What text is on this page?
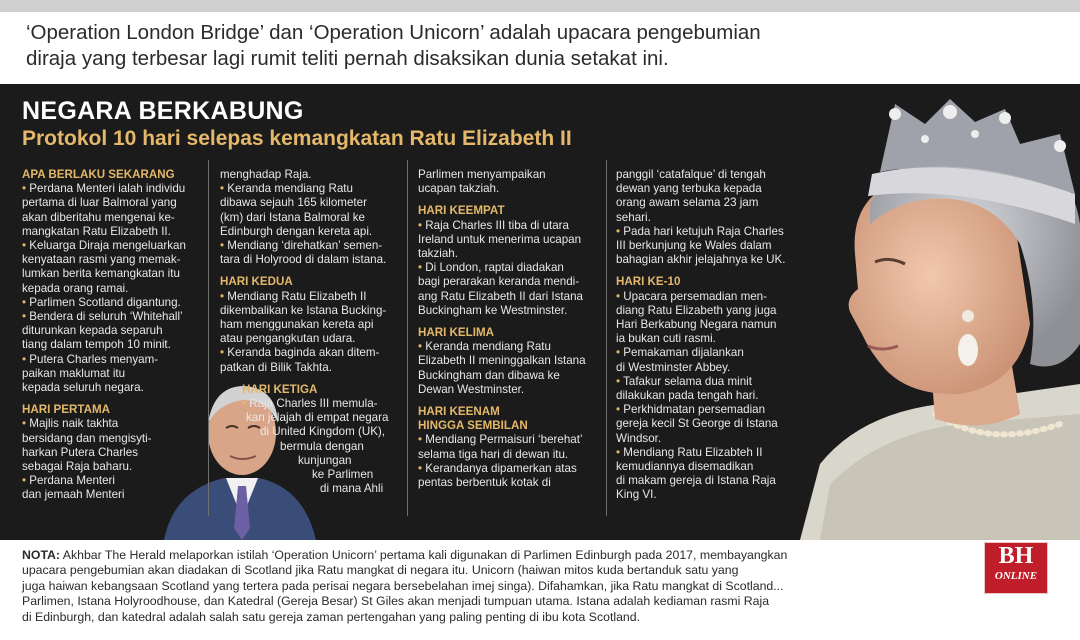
‘Operation London Bridge’ dan ‘Operation Unicorn’ adalah upacara pengebumian
diraja yang terbesar lagi rumit teliti pernah disaksikan dunia setakat ini.
NEGARA BERKABUNG
Protokol 10 hari selepas kemangkatan Ratu Elizabeth II
APA BERLAKU SEKARANG
• Perdana Menteri ialah individu
pertama di luar Balmoral yang
akan diberitahu mengenai ke-
mangkatan Ratu Elizabeth II.
• Keluarga Diraja mengeluarkan
kenyataan rasmi yang memak-
lumkan berita kemangkatan itu
kepada orang ramai.
• Parlimen Scotland digantung.
• Bendera di seluruh ‘Whitehall’
diturunkan kepada separuh
tiang dalam tempoh 10 minit.
• Putera Charles menyam-
paikan maklumat itu
kepada seluruh negara.
HARI PERTAMA
• Majlis naik takhta
bersidang dan mengisyti-
harkan Putera Charles
sebagai Raja baharu.
• Perdana Menteri
dan jemaah Menteri
menghadap Raja.
• Keranda mendiang Ratu
dibawa sejauh 165 kilometer
(km) dari Istana Balmoral ke
Edinburgh dengan kereta api.
• Mendiang ‘direhatkan’ semen-
tara di Holyrood di dalam istana.
HARI KEDUA
• Mendiang Ratu Elizabeth II
dikembalikan ke Istana Bucking-
ham menggunakan kereta api
atau pengangkutan udara.
• Keranda baginda akan ditem-
patkan di Bilik Takhta.
HARI KETIGA
• Raja Charles III memula-
kan jelajah di empat negara
di United Kingdom (UK),
bermula dengan
kunjungan
ke Parlimen
di mana Ahli
Parlimen menyampaikan
ucapan takziah.
HARI KEEMPAT
• Raja Charles III tiba di utara
Ireland untuk menerima ucapan
takziah.
• Di London, raptai diadakan
bagi perarakan keranda mendi-
ang Ratu Elizabeth II dari Istana
Buckingham ke Westminster.
HARI KELIMA
• Keranda mendiang Ratu
Elizabeth II meninggalkan Istana
Buckingham dan dibawa ke
Dewan Westminster.
HARI KEENAM
HINGGA SEMBILAN
• Mendiang Permaisuri ‘berehat’
selama tiga hari di dewan itu.
• Kerandanya dipamerkan atas
pentas berbentuk kotak di
panggil ‘catafalque’ di tengah
dewan yang terbuka kepada
orang awam selama 23 jam
sehari.
• Pada hari ketujuh Raja Charles
III berkunjung ke Wales dalam
bahagian akhir jelajahnya ke UK.
HARI KE-10
• Upacara persemadian men-
diang Ratu Elizabeth yang juga
Hari Berkabung Negara namun
ia bukan cuti rasmi.
• Pemakaman dijalankan
di Westminster Abbey.
• Tafakur selama dua minit
dilakukan pada tengah hari.
• Perkhidmatan persemadian
gereja kecil St George di Istana
Windsor.
• Mendiang Ratu Elizabteh II
kemudiannya disemadikan
di makam gereja di Istana Raja
King VI.
NOTA: Akhbar The Herald melaporkan istilah ‘Operation Unicorn’ pertama kali digunakan di Parlimen Edinburgh pada 2017, membayangkan
upacara pengebumian akan diadakan di Scotland jika Ratu mangkat di negara itu. Unicorn (haiwan mitos kuda bertanduk satu yang
juga haiwan kebangsaan Scotland yang tertera pada perisai negara bersebelahan imej singa). Difahamkan, jika Ratu mangkat di Scotland...
Parlimen, Istana Holyroodhouse, dan Katedral (Gereja Besar) St Giles akan menjadi tumpuan utama. Istana adalah kediaman rasmi Raja
di Edinburgh, dan katedral adalah salah satu gereja zaman pertengahan yang paling penting di ibu kota Scotland.
BH
ONLINE
